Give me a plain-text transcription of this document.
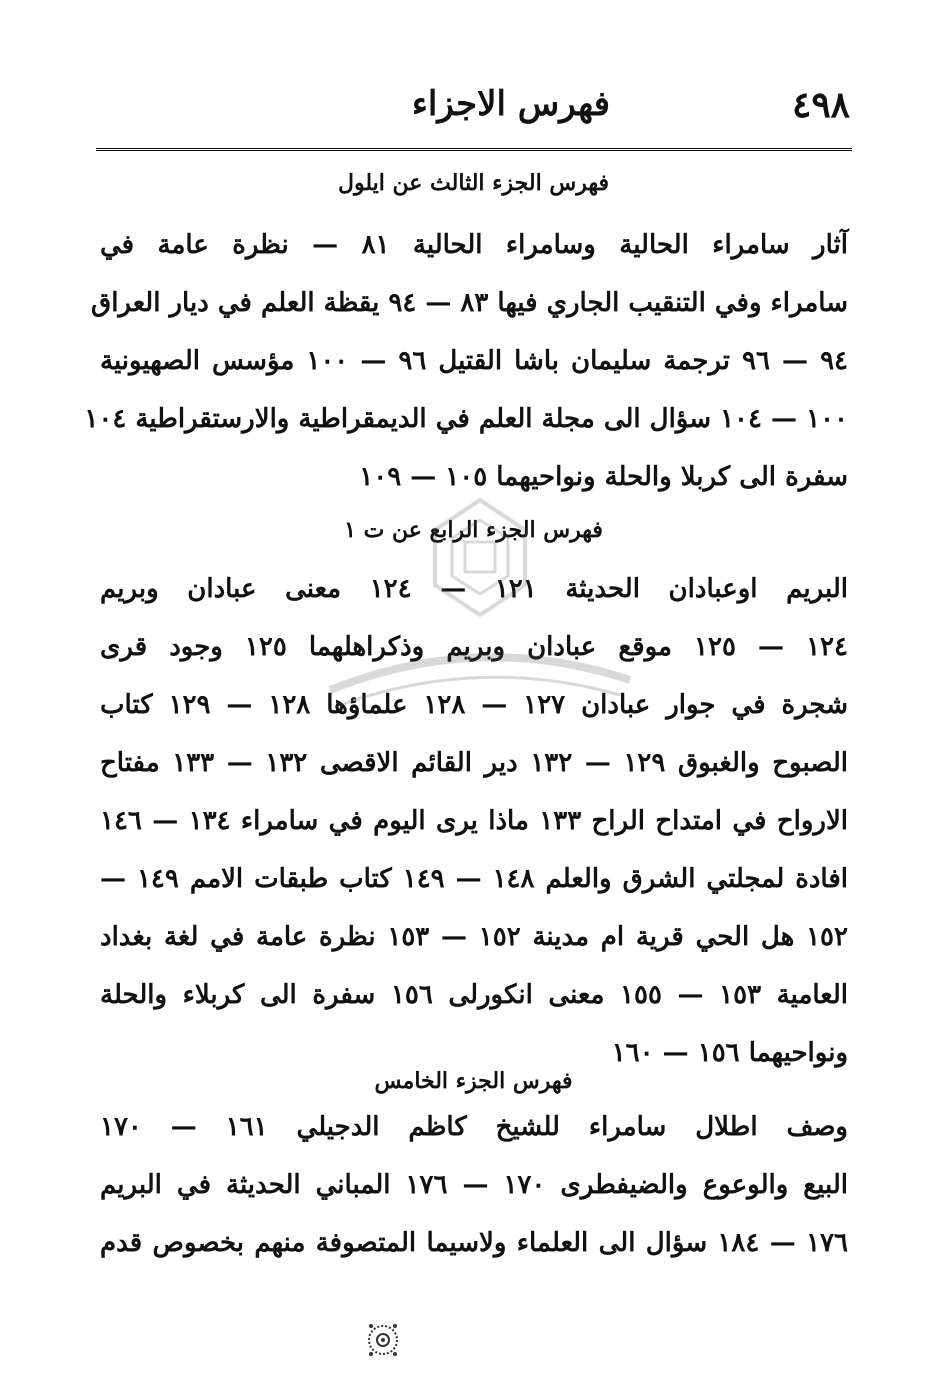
٤٩٨
فهرس الاجزاء
فهرس الجزء الثالث عن ايلول
آثار سامراء الحالية وسامراء الحالية ٨١ — نظرة عامة في
سامراء وفي التنقيب الجاري فيها ٨٣ — ٩٤ يقظة العلم في ديار العراق
٩٤ — ٩٦ ترجمة سليمان باشا القتيل ٩٦ — ١٠٠ مؤسس الصهيونية
١٠٠ — ١٠٤ سؤال الى مجلة العلم في الديمقراطية والارستقراطية ١٠٤
سفرة الى كربلا والحلة ونواحيهما ١٠٥ — ١٠٩
فهرس الجزء الرابع عن ت ١
البريم اوعبادان الحديثة ١٢١ — ١٢٤ معنى عبادان وبريم
١٢٤ — ١٢٥ موقع عبادان وبريم وذكراهلهما ١٢٥ وجود قرى
شجرة في جوار عبادان ١٢٧ — ١٢٨ علماؤها ١٢٨ — ١٢٩ كتاب
الصبوح والغبوق ١٢٩ — ١٣٢ دير القائم الاقصى ١٣٢ — ١٣٣ مفتاح
الارواح في امتداح الراح ١٣٣ ماذا يرى اليوم في سامراء ١٣٤ — ١٤٦
افادة لمجلتي الشرق والعلم ١٤٨ — ١٤٩ كتاب طبقات الامم ١٤٩ —
١٥٢ هل الحي قرية ام مدينة ١٥٢ — ١٥٣ نظرة عامة في لغة بغداد
العامية ١٥٣ — ١٥٥ معنى انكورلى ١٥٦ سفرة الى كربلاء والحلة
ونواحيهما ١٥٦ — ١٦٠
فهرس الجزء الخامس
وصف اطلال سامراء للشيخ كاظم الدجيلي ١٦١ — ١٧٠
البيع والوعوع والضيفطرى ١٧٠ — ١٧٦ المباني الحديثة في البريم
١٧٦ — ١٨٤ سؤال الى العلماء ولاسيما المتصوفة منهم بخصوص قدم
